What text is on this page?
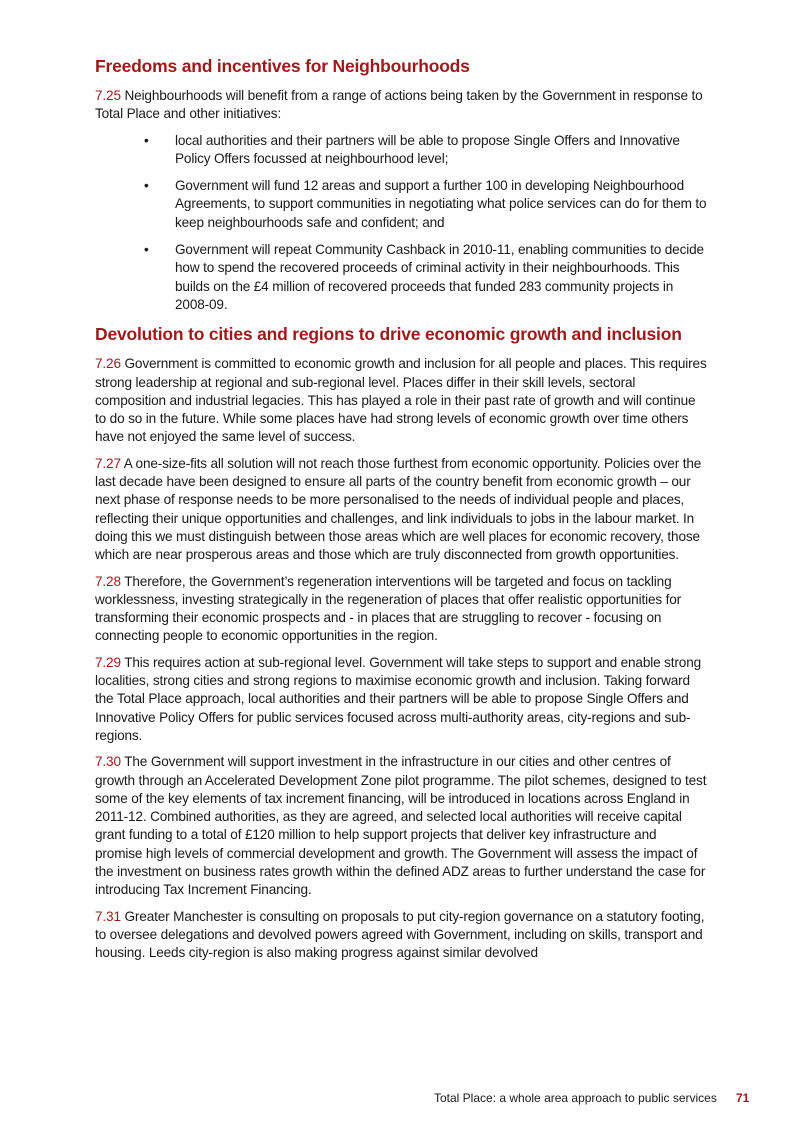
Freedoms and incentives for Neighbourhoods

7.25 Neighbourhoods will benefit from a range of actions being taken by the Government in response to Total Place and other initiatives:

• local authorities and their partners will be able to propose Single Offers and Innovative Policy Offers focussed at neighbourhood level;
• Government will fund 12 areas and support a further 100 in developing Neighbourhood Agreements, to support communities in negotiating what police services can do for them to keep neighbourhoods safe and confident; and
• Government will repeat Community Cashback in 2010-11, enabling communities to decide how to spend the recovered proceeds of criminal activity in their neighbourhoods. This builds on the £4 million of recovered proceeds that funded 283 community projects in 2008-09.
Devolution to cities and regions to drive economic growth and inclusion

7.26 Government is committed to economic growth and inclusion for all people and places. This requires strong leadership at regional and sub-regional level. Places differ in their skill levels, sectoral composition and industrial legacies. This has played a role in their past rate of growth and will continue to do so in the future. While some places have had strong levels of economic growth over time others have not enjoyed the same level of success.

7.27 A one-size-fits all solution will not reach those furthest from economic opportunity. Policies over the last decade have been designed to ensure all parts of the country benefit from economic growth – our next phase of response needs to be more personalised to the needs of individual people and places, reflecting their unique opportunities and challenges, and link individuals to jobs in the labour market. In doing this we must distinguish between those areas which are well places for economic recovery, those which are near prosperous areas and those which are truly disconnected from growth opportunities.

7.28 Therefore, the Government’s regeneration interventions will be targeted and focus on tackling worklessness, investing strategically in the regeneration of places that offer realistic opportunities for transforming their economic prospects and - in places that are struggling to recover - focusing on connecting people to economic opportunities in the region.

7.29 This requires action at sub-regional level. Government will take steps to support and enable strong localities, strong cities and strong regions to maximise economic growth and inclusion. Taking forward the Total Place approach, local authorities and their partners will be able to propose Single Offers and Innovative Policy Offers for public services focused across multi-authority areas, city-regions and sub-regions.

7.30 The Government will support investment in the infrastructure in our cities and other centres of growth through an Accelerated Development Zone pilot programme. The pilot schemes, designed to test some of the key elements of tax increment financing, will be introduced in locations across England in 2011-12. Combined authorities, as they are agreed, and selected local authorities will receive capital grant funding to a total of £120 million to help support projects that deliver key infrastructure and promise high levels of commercial development and growth. The Government will assess the impact of the investment on business rates growth within the defined ADZ areas to further understand the case for introducing Tax Increment Financing.

7.31 Greater Manchester is consulting on proposals to put city-region governance on a statutory footing, to oversee delegations and devolved powers agreed with Government, including on skills, transport and housing. Leeds city-region is also making progress against similar devolved

Total Place: a whole area approach to public services 71
